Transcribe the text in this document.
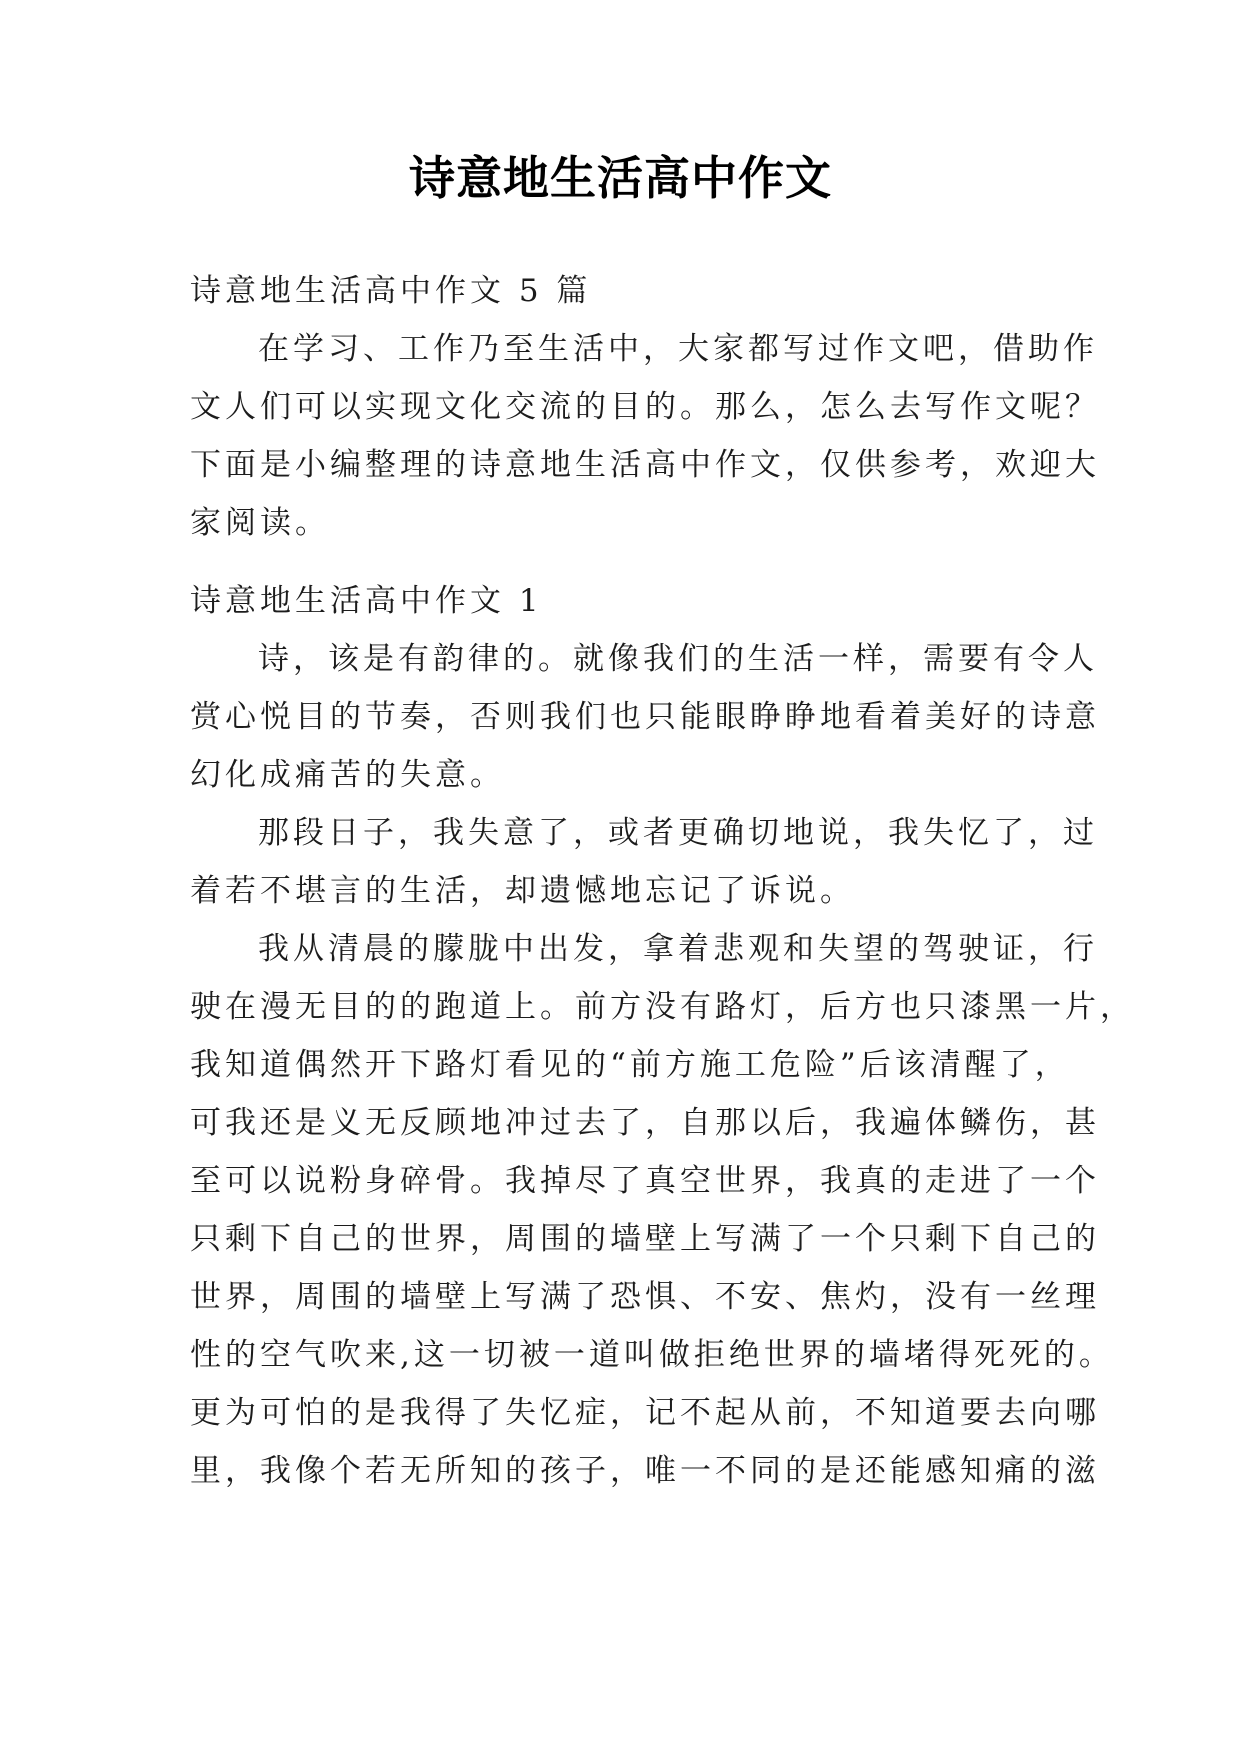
诗意地生活高中作文
诗意地生活高中作文 5 篇
在学习、工作乃至生活中，大家都写过作文吧，借助作
文人们可以实现文化交流的目的。那么，怎么去写作文呢？
下面是小编整理的诗意地生活高中作文，仅供参考，欢迎大
家阅读。
诗意地生活高中作文 1
诗，该是有韵律的。就像我们的生活一样，需要有令人
赏心悦目的节奏，否则我们也只能眼睁睁地看着美好的诗意
幻化成痛苦的失意。
那段日子，我失意了，或者更确切地说，我失忆了，过
着若不堪言的生活，却遗憾地忘记了诉说。
我从清晨的朦胧中出发，拿着悲观和失望的驾驶证，行
驶在漫无目的的跑道上。前方没有路灯，后方也只漆黑一片，
我知道偶然开下路灯看见的“前方施工危险”后该清醒了，
可我还是义无反顾地冲过去了，自那以后，我遍体鳞伤，甚
至可以说粉身碎骨。我掉尽了真空世界，我真的走进了一个
只剩下自己的世界，周围的墙壁上写满了一个只剩下自己的
世界，周围的墙壁上写满了恐惧、不安、焦灼，没有一丝理
性的空气吹来,这一切被一道叫做拒绝世界的墙堵得死死的。
更为可怕的是我得了失忆症，记不起从前，不知道要去向哪
里，我像个若无所知的孩子，唯一不同的是还能感知痛的滋
